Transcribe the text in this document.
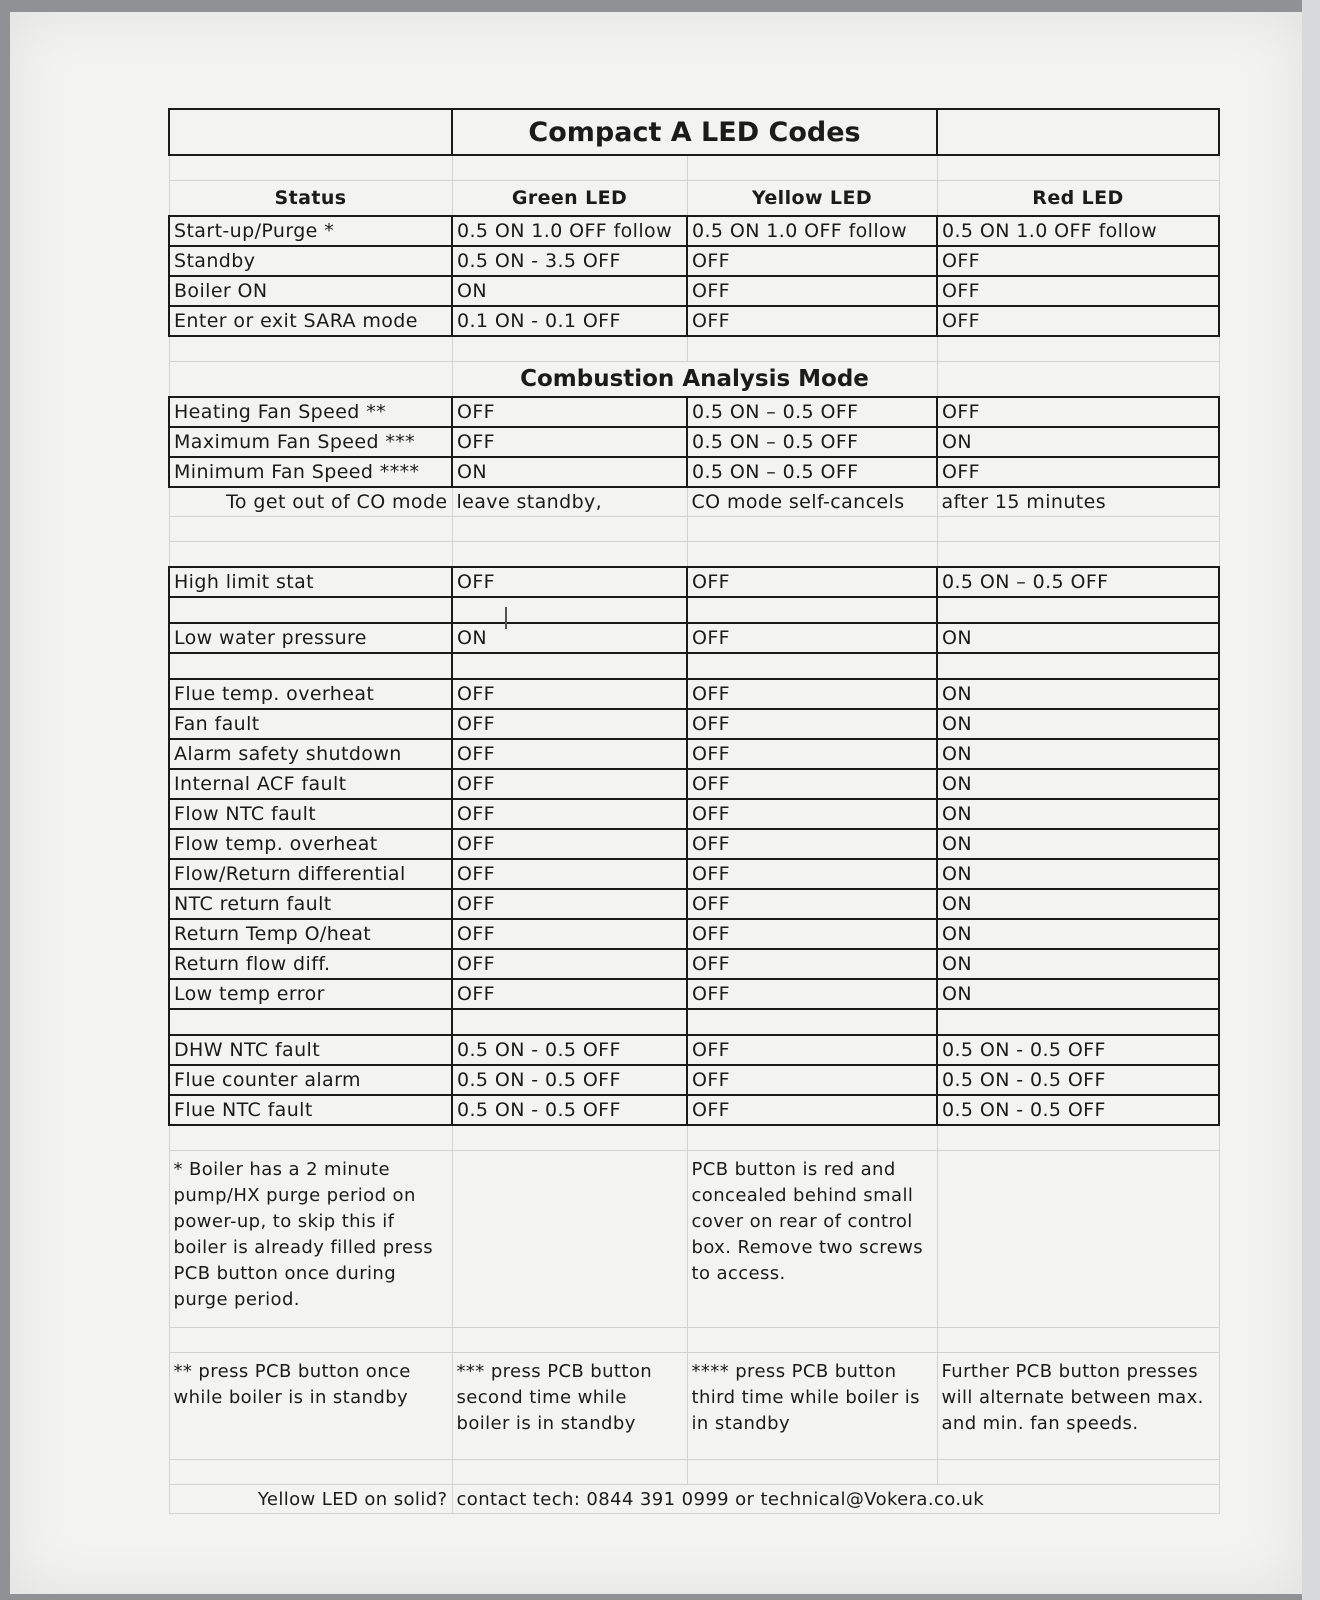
	Compact A LED Codes		

Status	Green LED	Yellow LED	Red LED
Start-up/Purge *	0.5 ON 1.0 OFF follow	0.5 ON 1.0 OFF follow	0.5 ON 1.0 OFF follow
Standby	0.5 ON - 3.5 OFF	OFF	OFF
Boiler ON	ON	OFF	OFF
Enter or exit SARA mode	0.1 ON - 0.1 OFF	OFF	OFF

	Combustion Analysis Mode		
Heating Fan Speed **	OFF	0.5 ON – 0.5 OFF	OFF
Maximum Fan Speed ***	OFF	0.5 ON – 0.5 OFF	ON
Minimum Fan Speed ****	ON	0.5 ON – 0.5 OFF	OFF
To get out of CO mode	leave standby,	CO mode self-cancels	after 15 minutes

High limit stat	OFF	OFF	0.5 ON – 0.5 OFF

Low water pressure	ON	OFF	ON

Flue temp. overheat	OFF	OFF	ON
Fan fault	OFF	OFF	ON
Alarm safety shutdown	OFF	OFF	ON
Internal ACF fault	OFF	OFF	ON
Flow NTC fault	OFF	OFF	ON
Flow temp. overheat	OFF	OFF	ON
Flow/Return differential	OFF	OFF	ON
NTC return fault	OFF	OFF	ON
Return Temp O/heat	OFF	OFF	ON
Return flow diff.	OFF	OFF	ON
Low temp error	OFF	OFF	ON

DHW NTC fault	0.5 ON - 0.5 OFF	OFF	0.5 ON - 0.5 OFF
Flue counter alarm	0.5 ON - 0.5 OFF	OFF	0.5 ON - 0.5 OFF
Flue NTC fault	0.5 ON - 0.5 OFF	OFF	0.5 ON - 0.5 OFF

* Boiler has a 2 minute pump/HX purge period on power-up, to skip this if boiler is already filled press PCB button once during purge period.		PCB button is red and concealed behind small cover on rear of control box. Remove two screws to access.	

** press PCB button once while boiler is in standby	*** press PCB button second time while boiler is in standby	**** press PCB button third time while boiler is in standby	Further PCB button presses will alternate between max. and min. fan speeds.

Yellow LED on solid?	contact tech: 0844 391 0999 or technical@Vokera.co.uk		
